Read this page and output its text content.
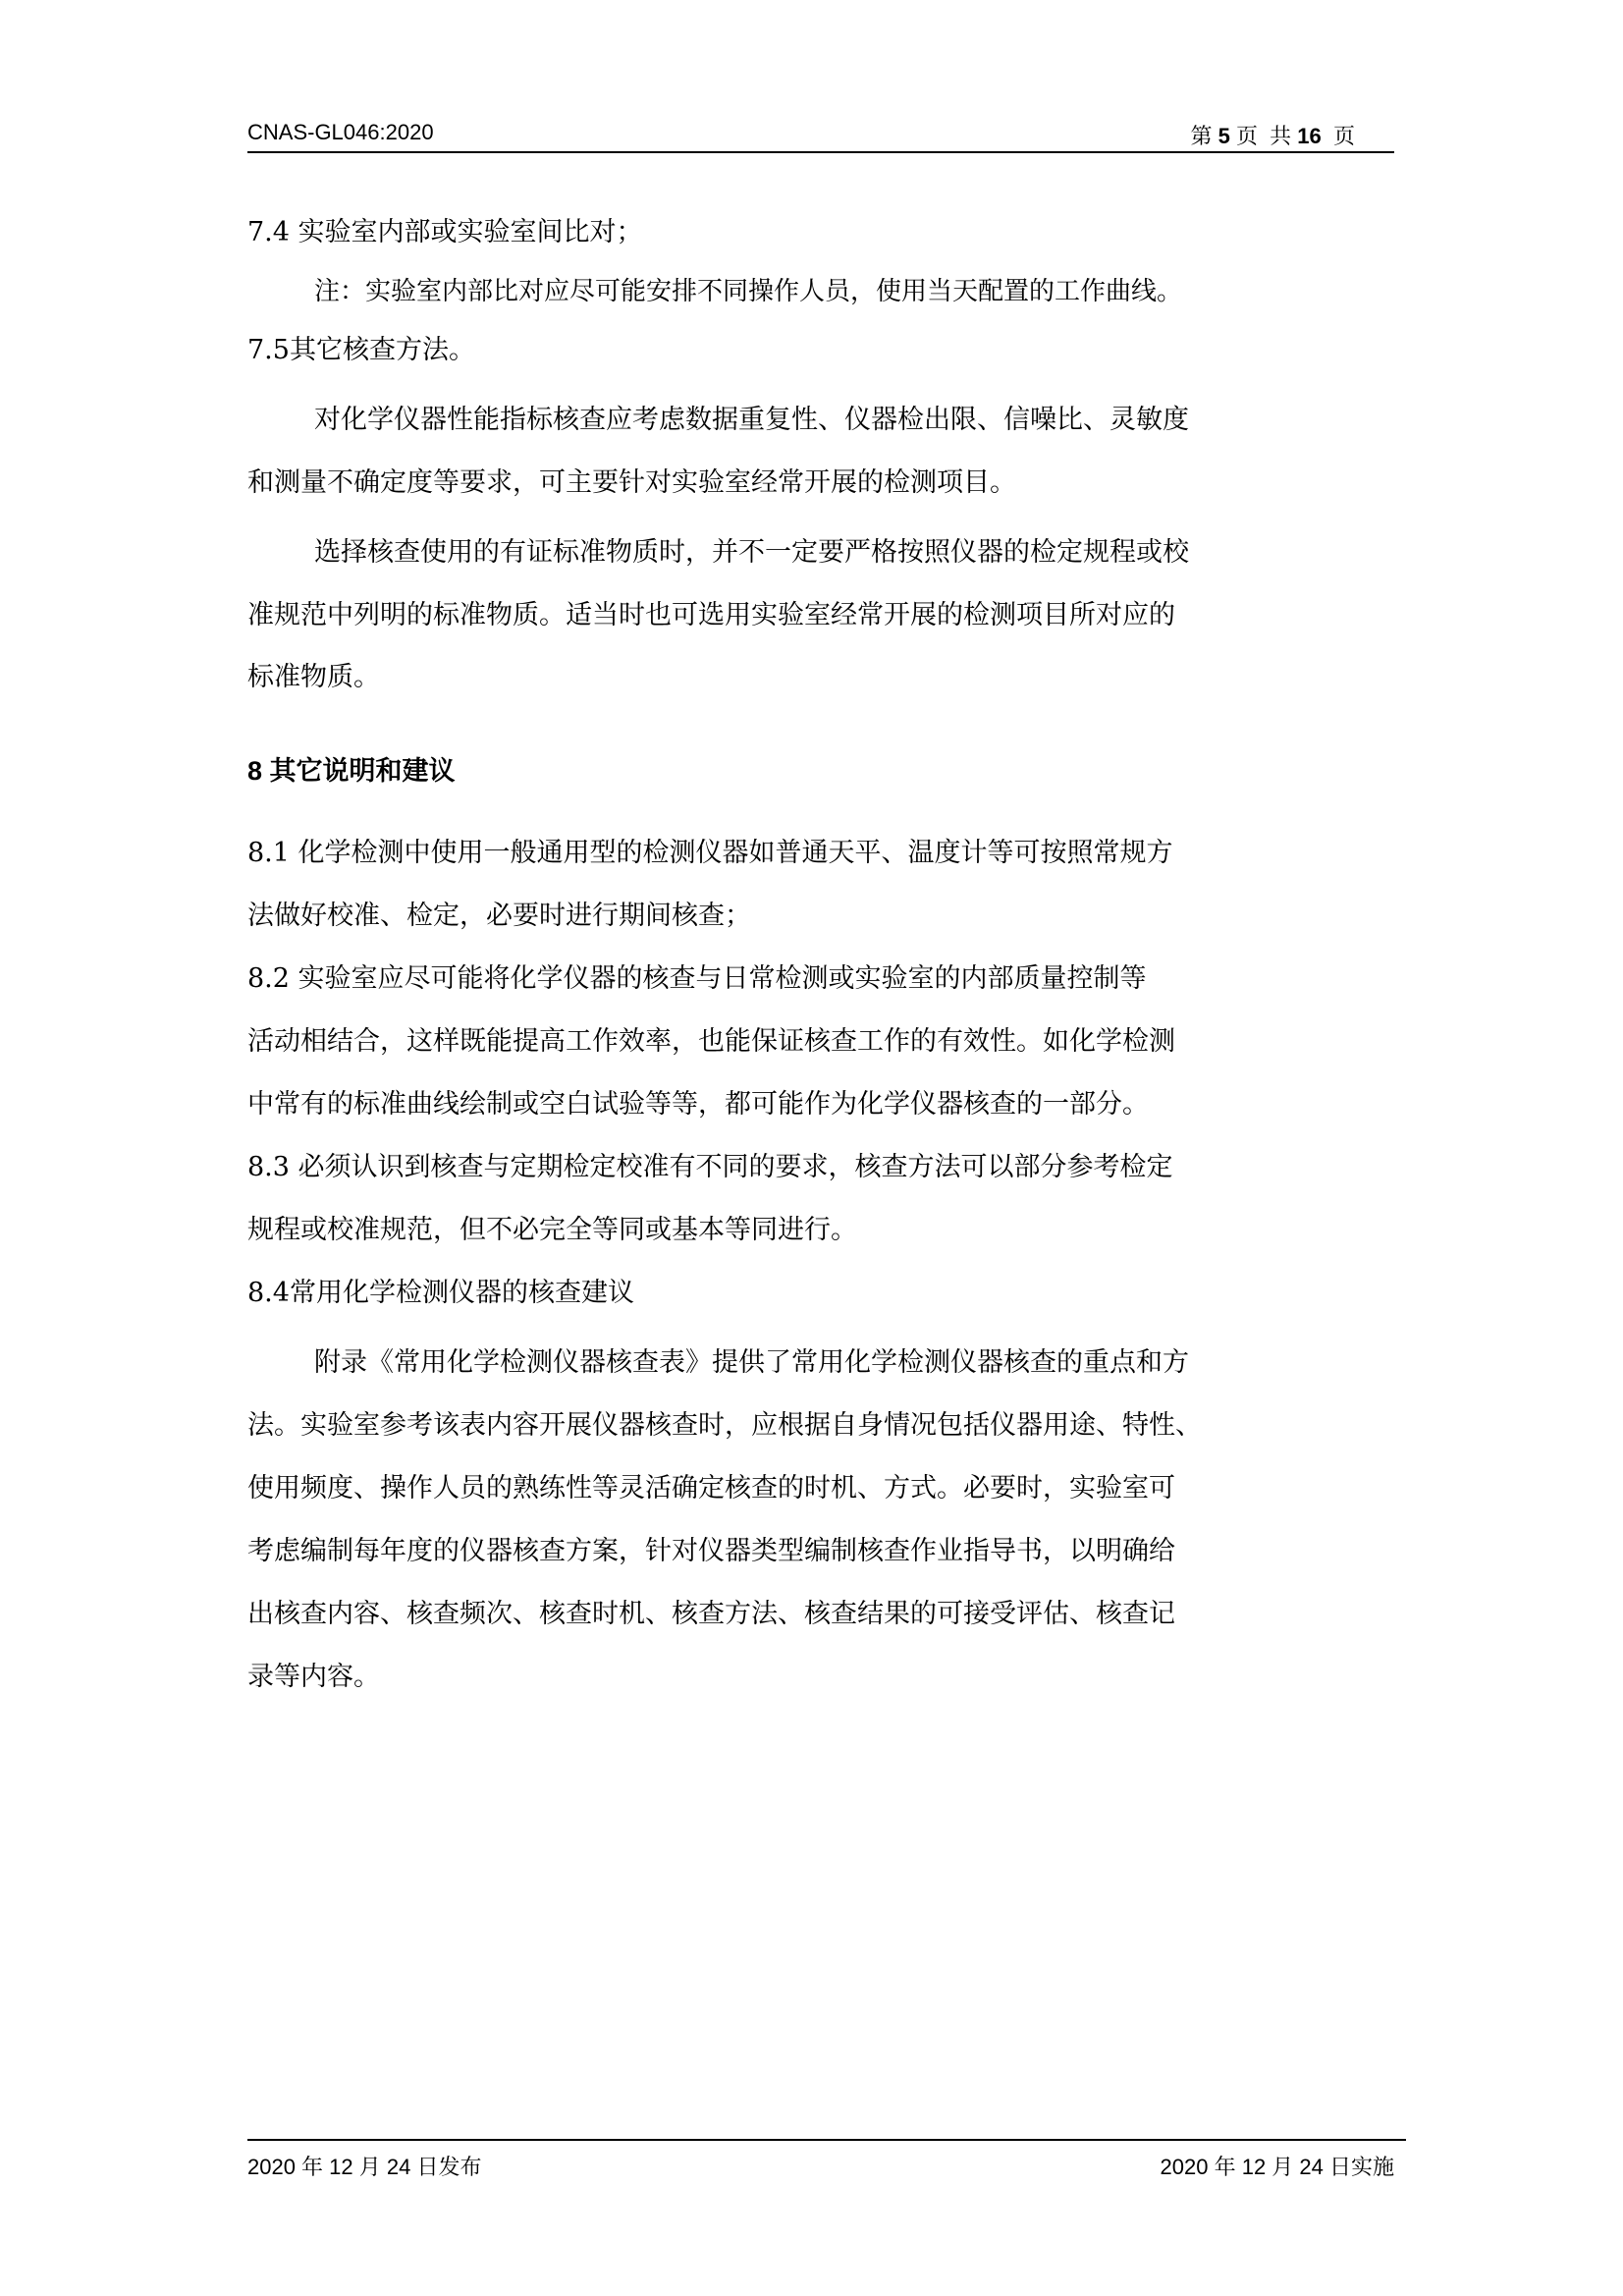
CNAS-GL046:2020	第 5 页  共 16  页
7.4 实验室内部或实验室间比对；
注：实验室内部比对应尽可能安排不同操作人员，使用当天配置的工作曲线。
7.5其它核查方法。
对化学仪器性能指标核查应考虑数据重复性、仪器检出限、信噪比、灵敏度
和测量不确定度等要求，可主要针对实验室经常开展的检测项目。
选择核查使用的有证标准物质时，并不一定要严格按照仪器的检定规程或校
准规范中列明的标准物质。适当时也可选用实验室经常开展的检测项目所对应的
标准物质。
8 其它说明和建议
8.1 化学检测中使用一般通用型的检测仪器如普通天平、温度计等可按照常规方
法做好校准、检定，必要时进行期间核查；
8.2 实验室应尽可能将化学仪器的核查与日常检测或实验室的内部质量控制等
活动相结合，这样既能提高工作效率，也能保证核查工作的有效性。如化学检测
中常有的标准曲线绘制或空白试验等等，都可能作为化学仪器核查的一部分。
8.3 必须认识到核查与定期检定校准有不同的要求，核查方法可以部分参考检定
规程或校准规范，但不必完全等同或基本等同进行。
8.4常用化学检测仪器的核查建议
附录《常用化学检测仪器核查表》提供了常用化学检测仪器核查的重点和方
法。实验室参考该表内容开展仪器核查时，应根据自身情况包括仪器用途、特性、
使用频度、操作人员的熟练性等灵活确定核查的时机、方式。必要时，实验室可
考虑编制每年度的仪器核查方案，针对仪器类型编制核查作业指导书，以明确给
出核查内容、核查频次、核查时机、核查方法、核查结果的可接受评估、核查记
录等内容。
2020 年 12 月 24 日发布	2020 年 12 月 24 日实施
